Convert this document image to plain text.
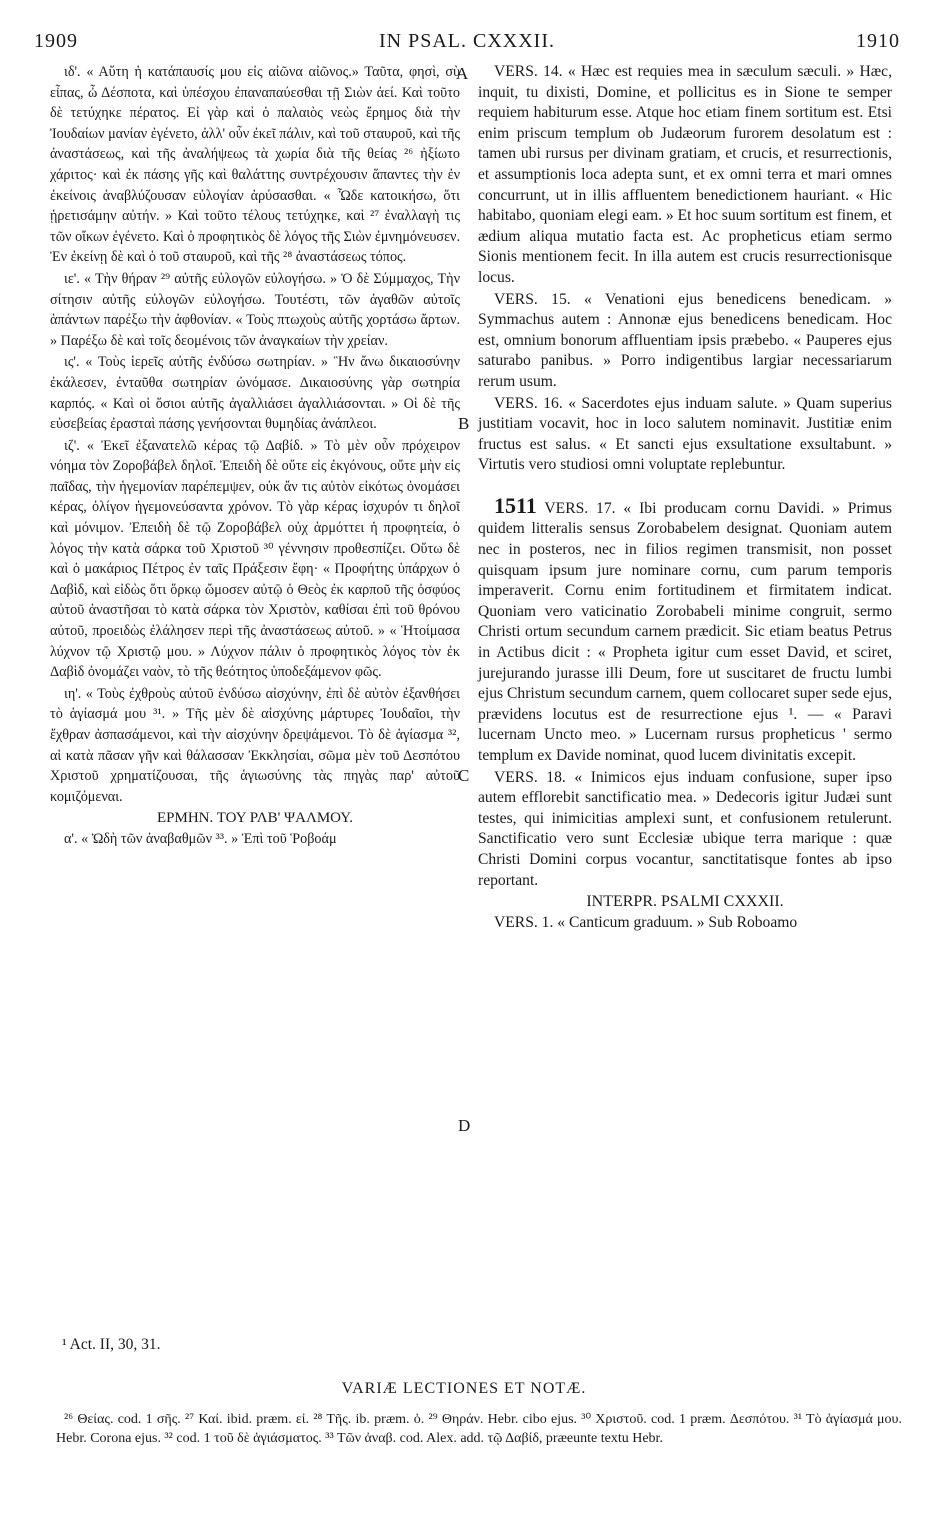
1909	IN PSAL. CXXXII.	1910

ιδ'. « Αὕτη ἡ κατάπαυσίς μου εἰς αἰῶνα αἰῶνος.» Ταῦτα, φησὶ, σὺ εἶπας, ὦ Δέσποτα, καὶ ὑπέσχου ἐπαναπαύεσθαι τῇ Σιὼν ἀεί. Καὶ τοῦτο δὲ τετύχηκε πέρατος. Εἰ γὰρ καὶ ὁ παλαιὸς νεὼς ἔρημος διὰ τὴν Ἰουδαίων μανίαν ἐγένετο, ἀλλ' οὖν ἐκεῖ πάλιν, καὶ τοῦ σταυροῦ, καὶ τῆς ἀναστάσεως, καὶ τῆς ἀναλήψεως τὰ χωρία διὰ τῆς θείας ²⁶ ἠξίωτο χάριτος· καὶ ἐκ πάσης γῆς καὶ θαλάττης συντρέχουσιν ἅπαντες τὴν ἐν ἐκείνοις ἀναβλύζουσαν εὐλογίαν ἀρύσασθαι. « Ὧδε κατοικήσω, ὅτι ᾑρετισάμην αὐτήν. » Καὶ τοῦτο τέλους τετύχηκε, καὶ ²⁷ ἐναλλαγὴ τις τῶν οἴκων ἐγένετο. Καὶ ὁ προφητικὸς δὲ λόγος τῆς Σιὼν ἐμνημόνευσεν. Ἐν ἐκείνῃ δὲ καὶ ὁ τοῦ σταυροῦ, καὶ τῆς ²⁸ ἀναστάσεως τόπος.

ιε'. « Τὴν θήραν ²⁹ αὐτῆς εὐλογῶν εὐλογήσω. » Ὁ δὲ Σύμμαχος, Τὴν σίτησιν αὐτῆς εὐλογῶν εὐλογήσω. Τουτέστι, τῶν ἀγαθῶν αὐτοῖς ἁπάντων παρέξω τὴν ἀφθονίαν. « Τοὺς πτωχοὺς αὐτῆς χορτάσω ἄρτων. » Παρέξω δὲ καὶ τοῖς δεομένοις τῶν ἀναγκαίων τὴν χρείαν.

ις'. « Τοὺς ἱερεῖς αὐτῆς ἐνδύσω σωτηρίαν. » Ἣν ἄνω δικαιοσύνην ἐκάλεσεν, ἐνταῦθα σωτηρίαν ὠνόμασε. Δικαιοσύνης γὰρ σωτηρία καρπός. « Καὶ οἱ ὅσιοι αὐτῆς ἀγαλλιάσει ἀγαλλιάσονται. » Οἱ δὲ τῆς εὐσεβείας ἐρασταὶ πάσης γενήσονται θυμηδίας ἀνάπλεοι.

ιζ'. « Ἐκεῖ ἐξανατελῶ κέρας τῷ Δαβίδ. » Τὸ μὲν οὖν πρόχειρον νόημα τὸν Ζοροβάβελ δηλοῖ. Ἐπειδὴ δὲ οὔτε εἰς ἐκγόνους, οὔτε μὴν εἰς παῖδας, τὴν ἡγεμονίαν παρέπεμψεν, οὐκ ἄν τις αὐτὸν εἰκότως ὀνομάσει κέρας, ὀλίγον ἡγεμονεύσαντα χρόνον. Τὸ γὰρ κέρας ἰσχυρόν τι δηλοῖ καὶ μόνιμον. Ἐπειδὴ δὲ τῷ Ζοροβάβελ οὐχ ἁρμόττει ἡ προφητεία, ὁ λόγος τὴν κατὰ σάρκα τοῦ Χριστοῦ ³⁰ γέννησιν προθεσπίζει. Οὕτω δὲ καὶ ὁ μακάριος Πέτρος ἐν ταῖς Πράξεσιν ἔφη· « Προφήτης ὑπάρχων ὁ Δαβὶδ, καὶ εἰδὼς ὅτι ὅρκῳ ὤμοσεν αὐτῷ ὁ Θεὸς ἐκ καρποῦ τῆς ὀσφύος αὐτοῦ ἀναστῆσαι τὸ κατὰ σάρκα τὸν Χριστὸν, καθίσαι ἐπὶ τοῦ θρόνου αὐτοῦ, προειδὼς ἐλάλησεν περὶ τῆς ἀναστάσεως αὐτοῦ. » « Ἡτοίμασα λύχνον τῷ Χριστῷ μου. » Λύχνον πάλιν ὁ προφητικὸς λόγος τὸν ἐκ Δαβὶδ ὀνομάζει ναὸν, τὸ τῆς θεότητος ὑποδεξάμενον φῶς.

ιη'. « Τοὺς ἐχθροὺς αὐτοῦ ἐνδύσω αἰσχύνην, ἐπὶ δὲ αὐτὸν ἐξανθήσει τὸ ἁγίασμά μου ³¹. » Τῆς μὲν δὲ αἰσχύνης μάρτυρες Ἰουδαῖοι, τὴν ἔχθραν ἀσπασάμενοι, καὶ τὴν αἰσχύνην δρεψάμενοι. Τὸ δὲ ἁγίασμα ³², αἱ κατὰ πᾶσαν γῆν καὶ θάλασσαν Ἐκκλησίαι, σῶμα μὲν τοῦ Δεσπότου Χριστοῦ χρηματίζουσαι, τῆς ἁγιωσύνης τὰς πηγὰς παρ' αὐτοῦ κομιζόμεναι.

ΕΡΜΗΝ. ΤΟΥ ΡΛΒ' ΨΑΛΜΟΥ.

α'. « Ὠδὴ τῶν ἀναβαθμῶν ³³. » Ἐπὶ τοῦ Ῥοβοάμ

VERS. 14. « Hæc est requies mea in sæculum sæculi. » Hæc, inquit, tu dixisti, Domine, et pollicitus es in Sione te semper requiem habiturum esse. Atque hoc etiam finem sortitum est. Etsi enim priscum templum ob Judæorum furorem desolatum est : tamen ubi rursus per divinam gratiam, et crucis, et resurrectionis, et assumptionis loca adepta sunt, et ex omni terra et mari omnes concurrunt, ut in illis affluentem benedictionem hauriant. « Hic habitabo, quoniam elegi eam. » Et hoc suum sortitum est finem, et ædium aliqua mutatio facta est. Ac propheticus etiam sermo Sionis mentionem fecit. In illa autem est crucis resurrectionisque locus.

VERS. 15. « Venationi ejus benedicens benedicam. » Symmachus autem : Annonæ ejus benedicens benedicam. Hoc est, omnium bonorum affluentiam ipsis præbebo. « Pauperes ejus saturabo panibus. » Porro indigentibus largiar necessariarum rerum usum.

VERS. 16. « Sacerdotes ejus induam salute. » Quam superius justitiam vocavit, hoc in loco salutem nominavit. Justitiæ enim fructus est salus. « Et sancti ejus exsultatione exsultabunt. » Virtutis vero studiosi omni voluptate replebuntur.

1511 VERS. 17. « Ibi producam cornu Davidi. » Primus quidem litteralis sensus Zorobabelem designat. Quoniam autem nec in posteros, nec in filios regimen transmisit, non posset quisquam ipsum jure nominare cornu, cum parum temporis imperaverit. Cornu enim fortitudinem et firmitatem indicat. Quoniam vero vaticinatio Zorobabeli minime congruit, sermo Christi ortum secundum carnem prædicit. Sic etiam beatus Petrus in Actibus dicit : « Propheta igitur cum esset David, et sciret, jurejurando jurasse illi Deum, fore ut suscitaret de fructu lumbi ejus Christum secundum carnem, quem collocaret super sede ejus, prævidens locutus est de resurrectione ejus ¹. — « Paravi lucernam Uncto meo. » Lucernam rursus propheticus ' sermo templum ex Davide nominat, quod lucem divinitatis excepit.

VERS. 18. « Inimicos ejus induam confusione, super ipso autem efflorebit sanctificatio mea. » Dedecoris igitur Judæi sunt testes, qui inimicitias amplexi sunt, et confusionem retulerunt. Sanctificatio vero sunt Ecclesiæ ubique terra marique : quæ Christi Domini corpus vocantur, sanctitatisque fontes ab ipso reportant.

INTERPR. PSALMI CXXXII.

VERS. 1. « Canticum graduum. » Sub Roboamo

A
B
C
D
¹ Act. II, 30, 31.
VARIÆ LECTIONES ET NOTÆ.
²⁶ Θείας. cod. 1 σῆς. ²⁷ Καί. ibid. præm. εἰ. ²⁸ Τῆς. ib. præm. ὁ. ²⁹ Θηράν. Hebr. cibo ejus. ³⁰ Χριστοῦ. cod. 1 præm. Δεσπότου. ³¹ Τὸ ἁγίασμά μου. Hebr. Corona ejus. ³² cod. 1 τοῦ δὲ ἁγιάσματος. ³³ Τῶν ἀναβ. cod. Alex. add. τῷ Δαβίδ, præeunte textu Hebr.
